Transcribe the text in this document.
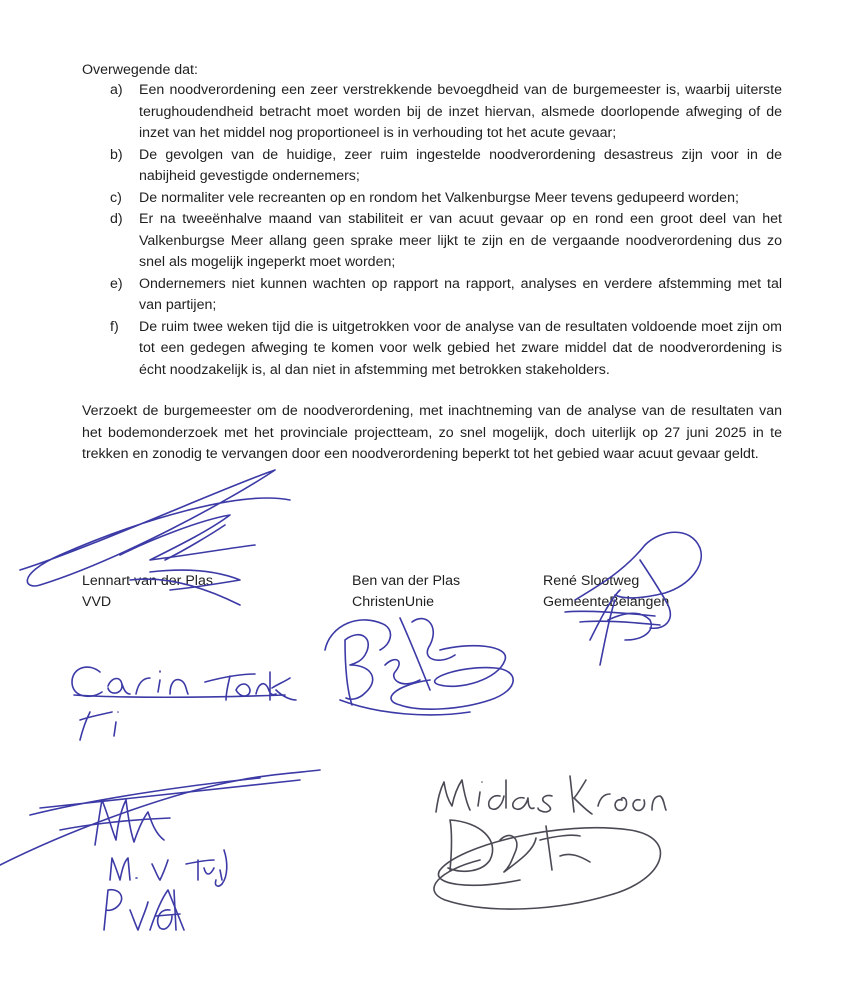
Overwegende dat:
a) Een noodverordening een zeer verstrekkende bevoegdheid van de burgemeester is, waarbij uiterste terughoudendheid betracht moet worden bij de inzet hiervan, alsmede doorlopende afweging of de inzet van het middel nog proportioneel is in verhouding tot het acute gevaar;
b) De gevolgen van de huidige, zeer ruim ingestelde noodverordening desastreus zijn voor in de nabijheid gevestigde ondernemers;
c) De normaliter vele recreanten op en rondom het Valkenburgse Meer tevens gedupeerd worden;
d) Er na tweeënhalve maand van stabiliteit er van acuut gevaar op en rond een groot deel van het Valkenburgse Meer allang geen sprake meer lijkt te zijn en de vergaande noodverordening dus zo snel als mogelijk ingeperkt moet worden;
e) Ondernemers niet kunnen wachten op rapport na rapport, analyses en verdere afstemming met tal van partijen;
f) De ruim twee weken tijd die is uitgetrokken voor de analyse van de resultaten voldoende moet zijn om tot een gedegen afweging te komen voor welk gebied het zware middel dat de noodverordening is écht noodzakelijk is, al dan niet in afstemming met betrokken stakeholders.
Verzoekt de burgemeester om de noodverordening, met inachtneming van de analyse van de resultaten van het bodemonderzoek met het provinciale projectteam, zo snel mogelijk, doch uiterlijk op 27 juni 2025 in te trekken en zonodig te vervangen door een noodverordening beperkt tot het gebied waar acuut gevaar geldt.
Lennart van der Plas
VVD
Ben van der Plas
ChristenUnie
René Slootweg
GemeenteBelangen
